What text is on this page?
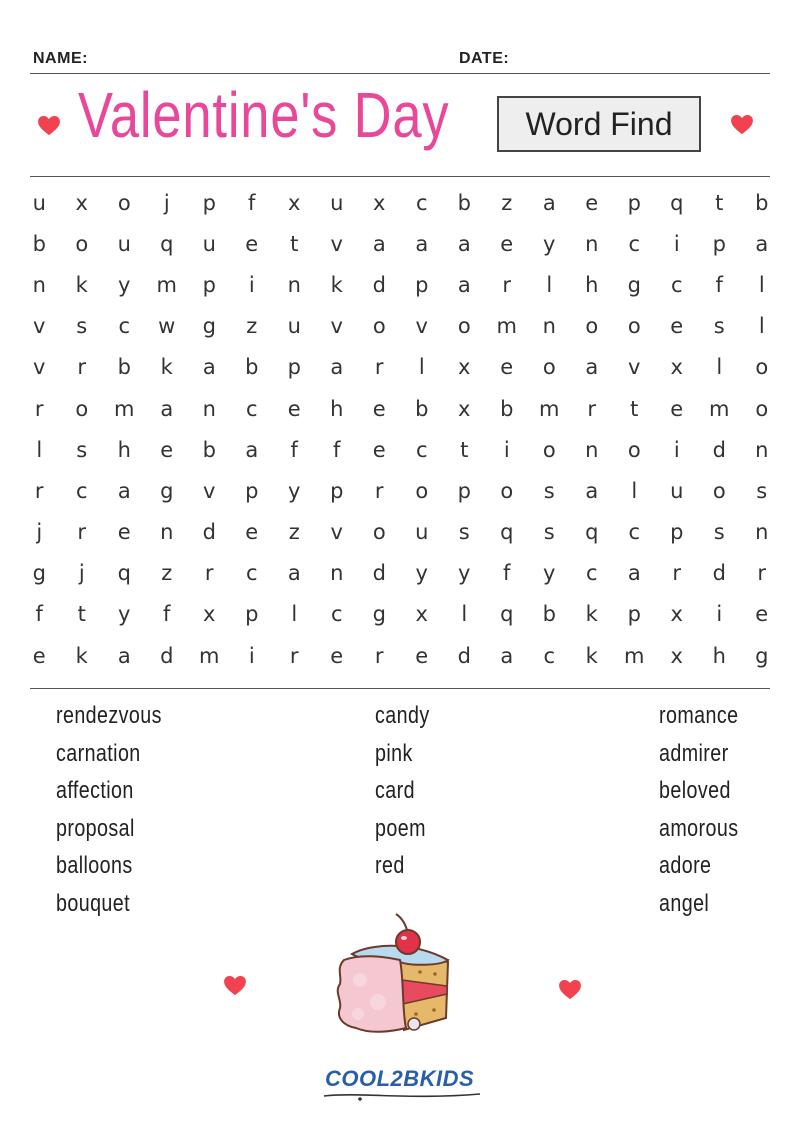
NAME:	DATE:
Valentine's Day	Word Find
u	x	o	j	p	f	x	u	x	c	b	z	a	e	p	q	t	b
b	o	u	q	u	e	t	v	a	a	a	e	y	n	c	i	p	a
n	k	y	m	p	i	n	k	d	p	a	r	l	h	g	c	f	l
v	s	c	w	g	z	u	v	o	v	o	m	n	o	o	e	s	l
v	r	b	k	a	b	p	a	r	l	x	e	o	a	v	x	l	o
r	o	m	a	n	c	e	h	e	b	x	b	m	r	t	e	m	o
l	s	h	e	b	a	f	f	e	c	t	i	o	n	o	i	d	n
r	c	a	g	v	p	y	p	r	o	p	o	s	a	l	u	o	s
j	r	e	n	d	e	z	v	o	u	s	q	s	q	c	p	s	n
g	j	q	z	r	c	a	n	d	y	y	f	y	c	a	r	d	r
f	t	y	f	x	p	l	c	g	x	l	q	b	k	p	x	i	e
e	k	a	d	m	i	r	e	r	e	d	a	c	k	m	x	h	g
rendezvous
carnation
affection
proposal
balloons
bouquet
candy
pink
card
poem
red
romance
admirer
beloved
amorous
adore
angel
COOL2BKIDS
